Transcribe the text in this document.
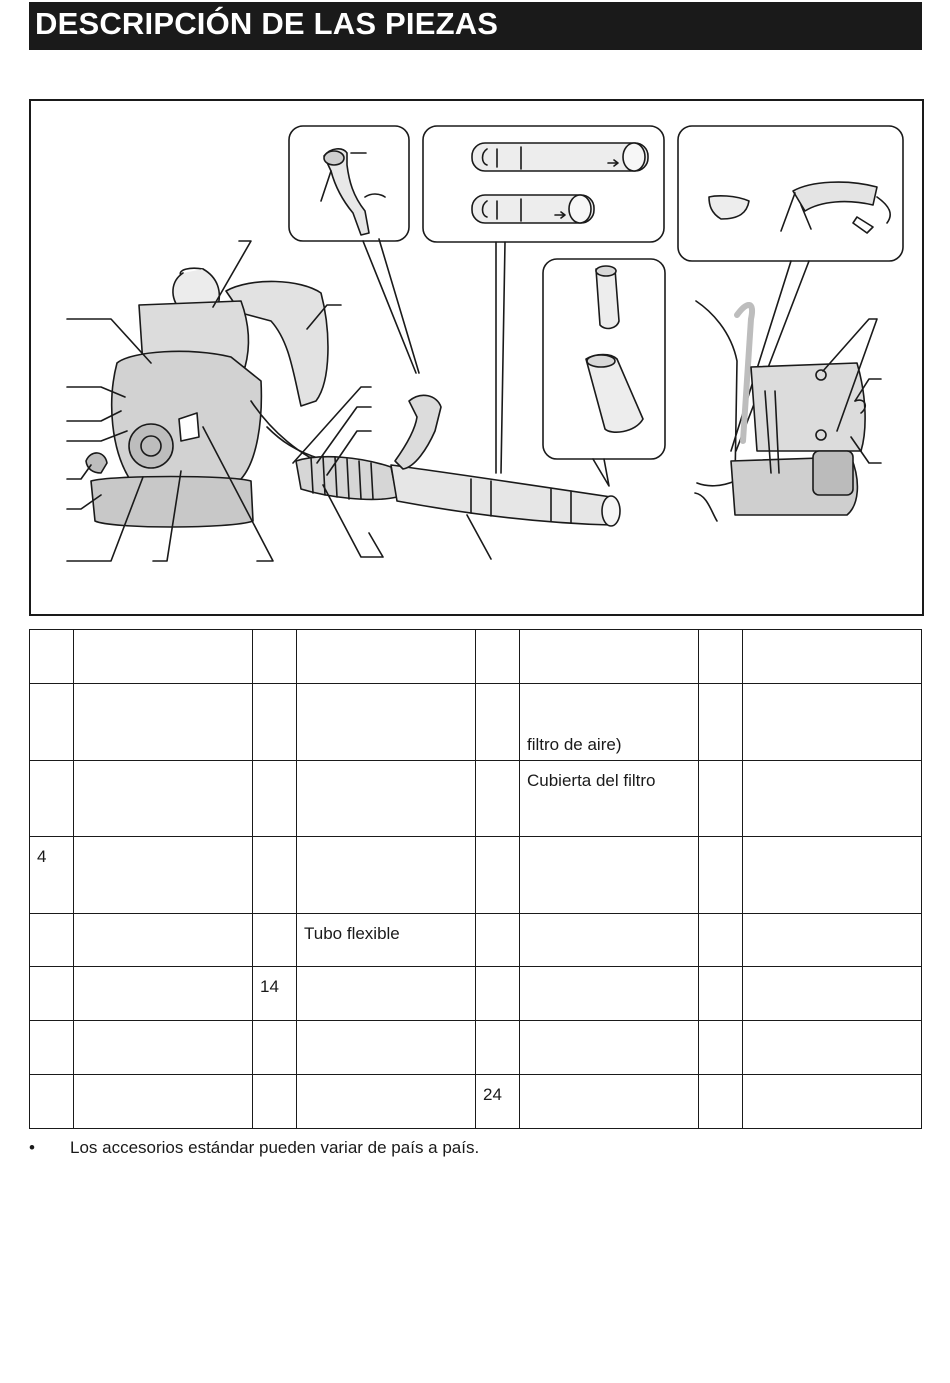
DESCRIPCIÓN DE LAS PIEZAS

					filtro de aire)		

					Cubierta del filtro		

4							

			Tubo flexible				

		14					

				24			

• Los accesorios estándar pueden variar de país a país.
